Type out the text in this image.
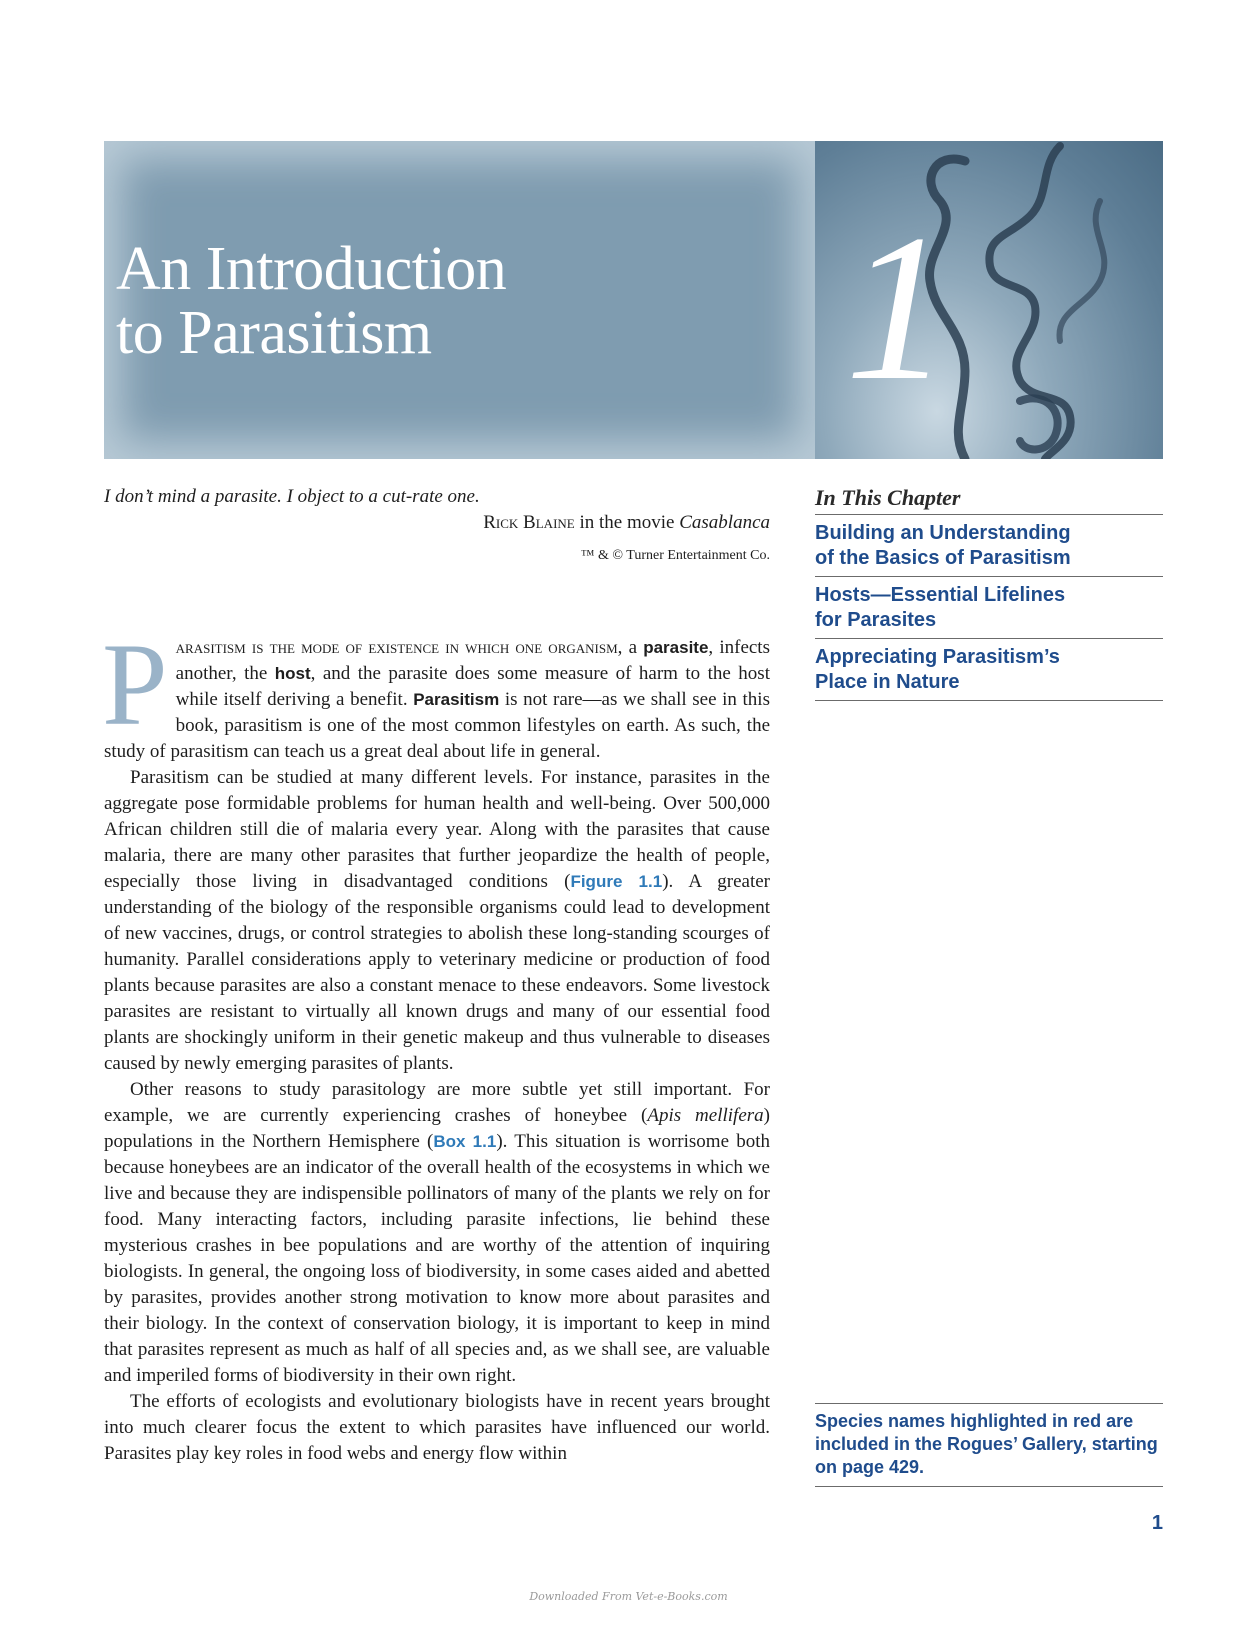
An Introduction
to Parasitism	1

I don’t mind a parasite. I object to a cut-rate one.

Rick Blaine in the movie Casablanca

™ & © Turner Entertainment Co.

Parasitism is the mode of existence in which one organism, a parasite, infects another, the host, and the parasite does some measure of harm to the host while itself deriving a benefit. Parasitism is not rare—as we shall see in this book, parasitism is one of the most common lifestyles on earth. As such, the study of parasitism can teach us a great deal about life in general.

Parasitism can be studied at many different levels. For instance, parasites in the aggregate pose formidable problems for human health and well-being. Over 500,000 African children still die of malaria every year. Along with the parasites that cause malaria, there are many other parasites that further jeopardize the health of people, especially those living in disadvantaged conditions (Figure 1.1). A greater understanding of the biology of the responsible organisms could lead to development of new vaccines, drugs, or control strategies to abolish these long-standing scourges of humanity. Parallel considerations apply to veterinary medicine or production of food plants because parasites are also a constant menace to these endeavors. Some livestock parasites are resistant to virtually all known drugs and many of our essential food plants are shockingly uniform in their genetic makeup and thus vulnerable to diseases caused by newly emerging parasites of plants.

Other reasons to study parasitology are more subtle yet still important. For example, we are currently experiencing crashes of honeybee (Apis mellifera) populations in the Northern Hemisphere (Box 1.1). This situation is worrisome both because honeybees are an indicator of the overall health of the ecosystems in which we live and because they are indispensible pollinators of many of the plants we rely on for food. Many interacting factors, including parasite infections, lie behind these mysterious crashes in bee populations and are worthy of the attention of inquiring biologists. In general, the ongoing loss of biodiversity, in some cases aided and abetted by parasites, provides another strong motivation to know more about parasites and their biology. In the context of conservation biology, it is important to keep in mind that parasites represent as much as half of all species and, as we shall see, are valuable and imperiled forms of biodiversity in their own right.

The efforts of ecologists and evolutionary biologists have in recent years brought into much clearer focus the extent to which parasites have influenced our world. Parasites play key roles in food webs and energy flow within

In This Chapter
Building an Understanding
of the Basics of Parasitism
Hosts—Essential Lifelines
for Parasites
Appreciating Parasitism’s
Place in Nature
Species names highlighted in red are included in the Rogues’ Gallery, starting on page 429.
1
Downloaded From Vet-e-Books.com
